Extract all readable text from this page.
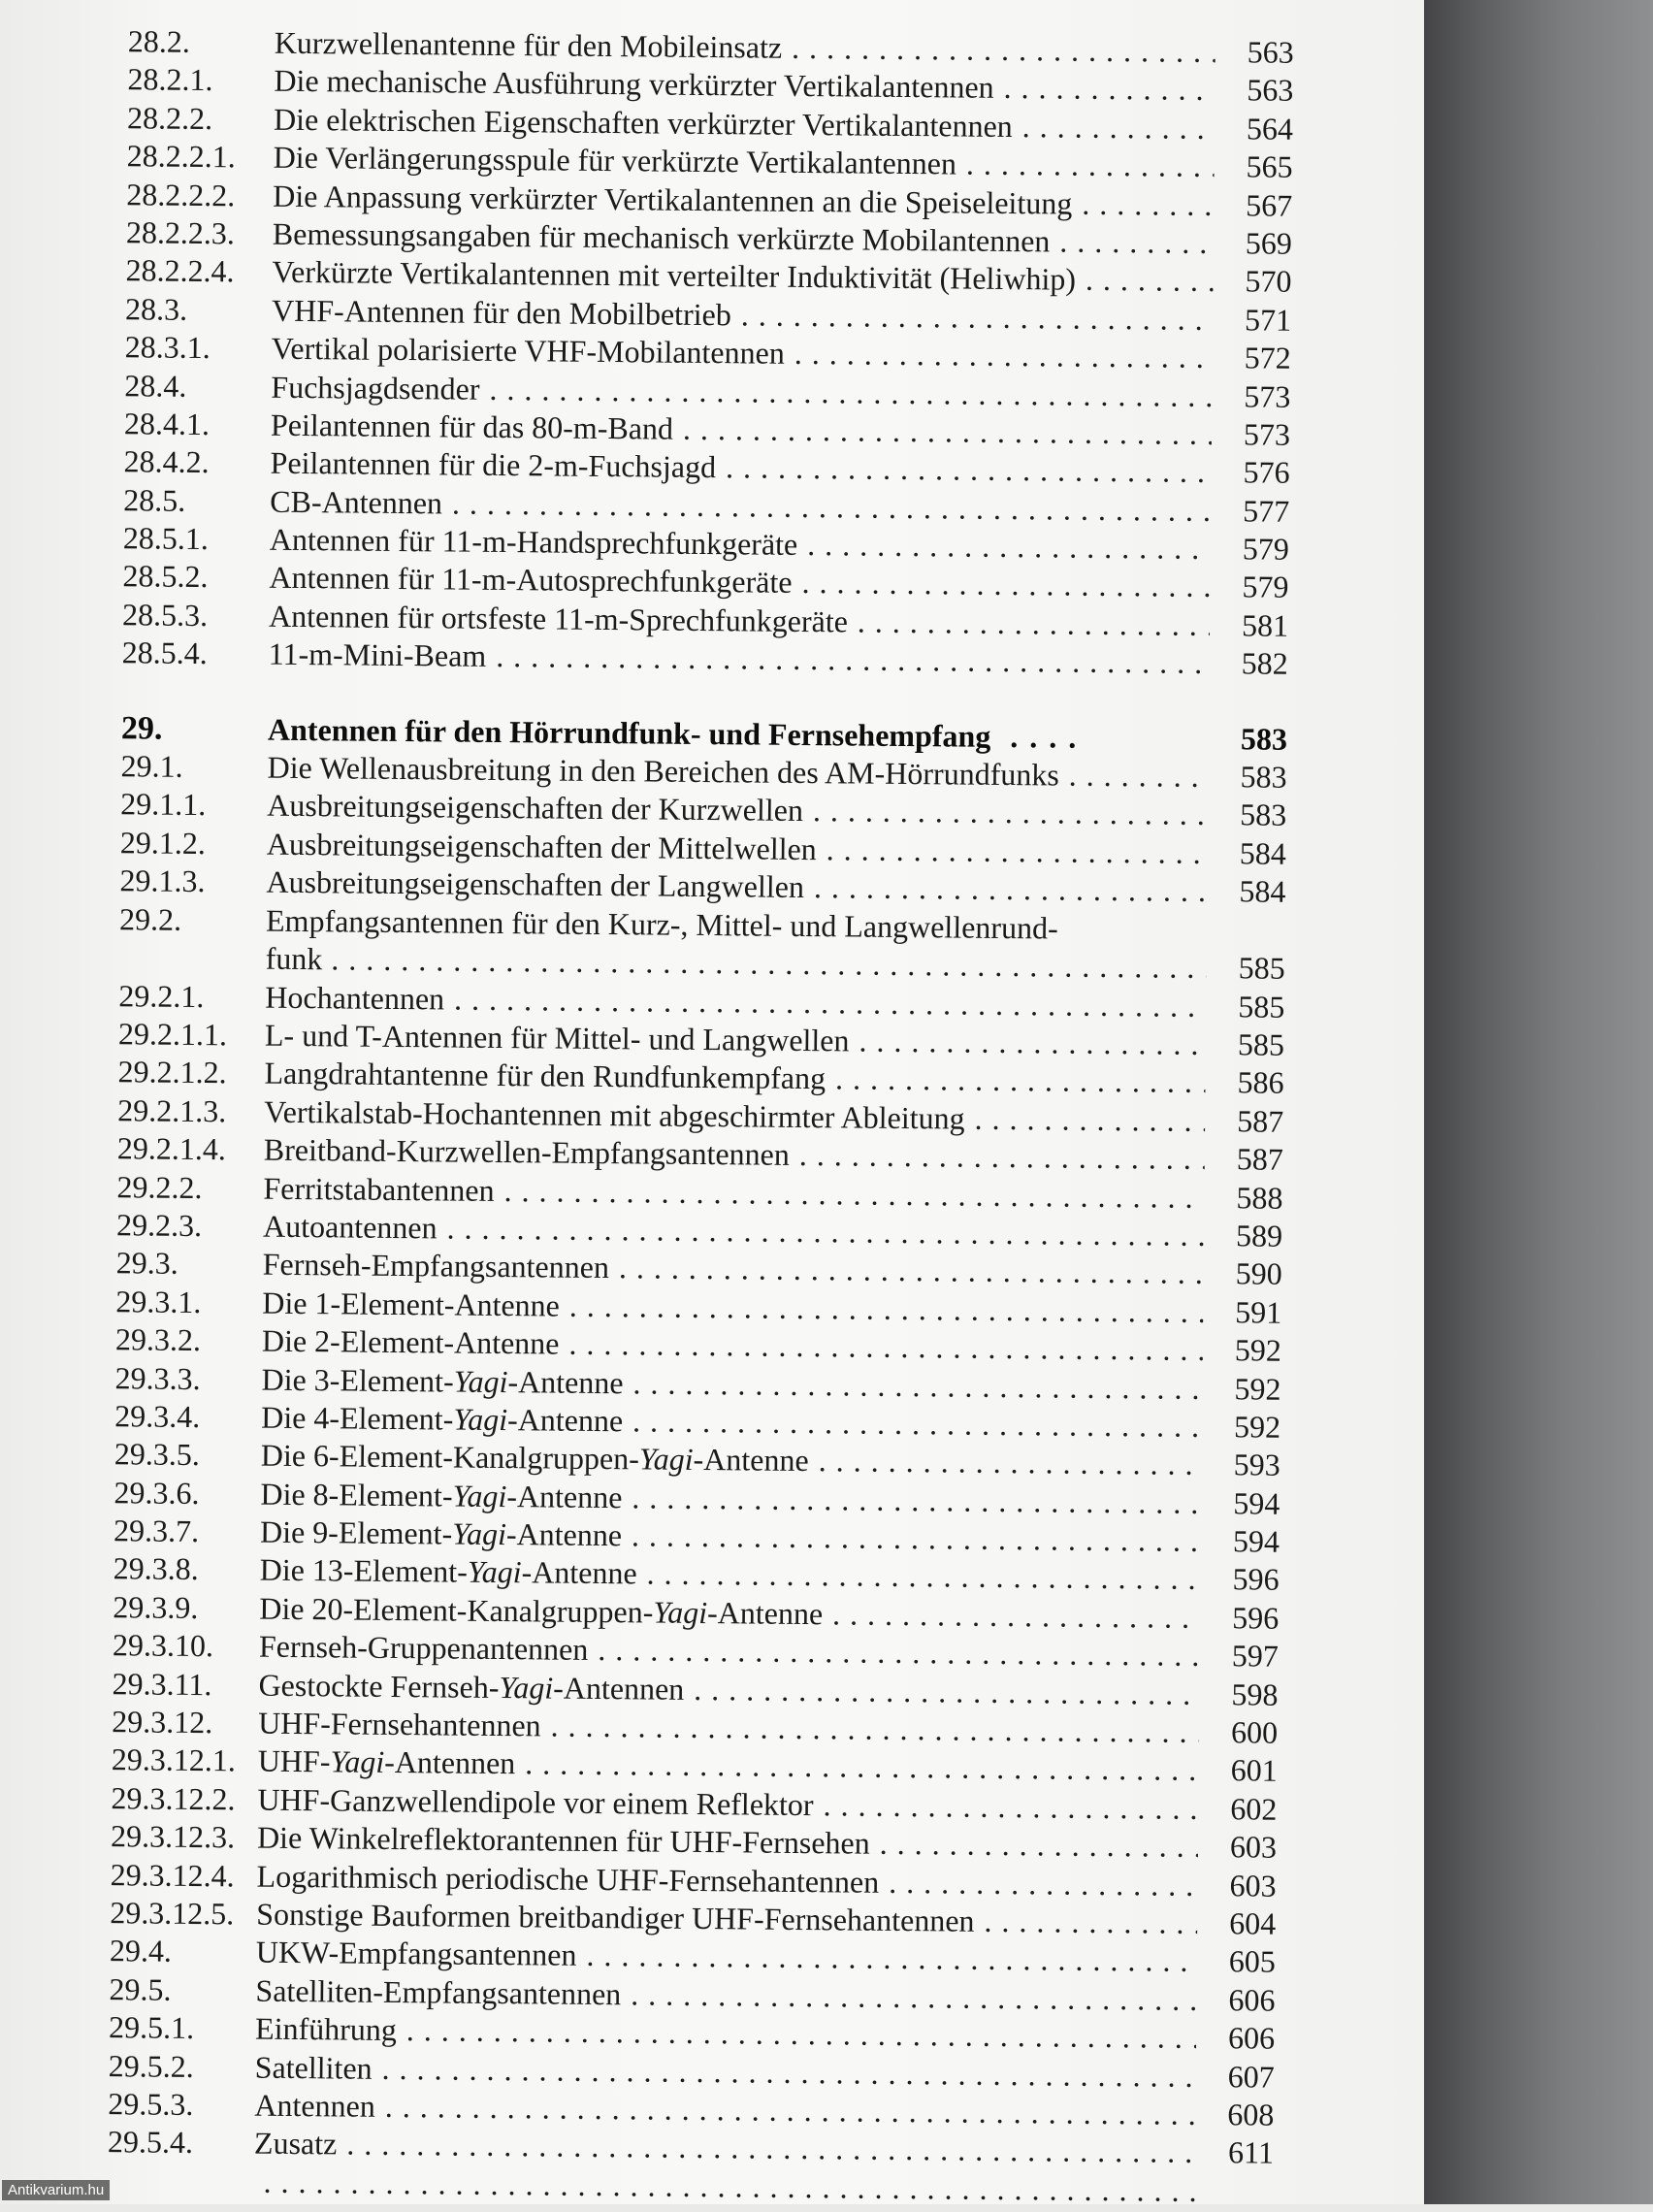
28.2.	Kurzwellenantenne für den Mobileinsatz . . .	563
28.2.1. Die mechanische Ausführung verkürzter Vertikalantennen . . .	563
28.2.2. Die elektrischen Eigenschaften verkürzter Vertikalantennen . . .	564
28.2.2.1. Die Verlängerungsspule für verkürzte Vertikalantennen . . .	565
28.2.2.2. Die Anpassung verkürzter Vertikalantennen an die Speiseleitung . . .	567
28.2.2.3. Bemessungsangaben für mechanisch verkürzte Mobilantennen . . .	569
28.2.2.4. Verkürzte Vertikalantennen mit verteilter Induktivität (Heliwhip) . . .	570
28.3.	VHF-Antennen für den Mobilbetrieb . . .	571
28.3.1. Vertikal polarisierte VHF-Mobilantennen . . .	572
28.4.	Fuchsjagdsender . . .	573
28.4.1. Peilantennen für das 80-m-Band . . .	573
28.4.2. Peilantennen für die 2-m-Fuchsjagd . . .	576
28.5.	CB-Antennen . . .	577
28.5.1. Antennen für 11-m-Handsprechfunkgeräte . . .	579
28.5.2. Antennen für 11-m-Autosprechfunkgeräte . . .	579
28.5.3. Antennen für ortsfeste 11-m-Sprechfunkgeräte . . .	581
28.5.4. 11-m-Mini-Beam . . .	582
29.	Antennen für den Hörrundfunk- und Fernsehempfang . . . .	583
29.1.	Die Wellenausbreitung in den Bereichen des AM-Hörrundfunks . . .	583
29.1.1. Ausbreitungseigenschaften der Kurzwellen . . .	583
29.1.2. Ausbreitungseigenschaften der Mittelwellen . . .	584
29.1.3. Ausbreitungseigenschaften der Langwellen . . .	584
29.2.	Empfangsantennen für den Kurz-, Mittel- und Langwellenrund-
funk . . .	585
29.2.1. Hochantennen . . .	585
29.2.1.1. L- und T-Antennen für Mittel- und Langwellen . . .	585
29.2.1.2. Langdrahtantenne für den Rundfunkempfang . . .	586
29.2.1.3. Vertikalstab-Hochantennen mit abgeschirmter Ableitung . . .	587
29.2.1.4. Breitband-Kurzwellen-Empfangsantennen . . .	587
29.2.2. Ferritstabantennen . . .	588
29.2.3. Autoantennen . . .	589
29.3.	Fernseh-Empfangsantennen . . .	590
29.3.1. Die 1-Element-Antenne . . .	591
29.3.2. Die 2-Element-Antenne . . .	592
29.3.3. Die 3-Element-Yagi-Antenne . . .	592
29.3.4. Die 4-Element-Yagi-Antenne . . .	592
29.3.5. Die 6-Element-Kanalgruppen-Yagi-Antenne . . .	593
29.3.6. Die 8-Element-Yagi-Antenne . . .	594
29.3.7. Die 9-Element-Yagi-Antenne . . .	594
29.3.8. Die 13-Element-Yagi-Antenne . . .	596
29.3.9. Die 20-Element-Kanalgruppen-Yagi-Antenne . . .	596
29.3.10. Fernseh-Gruppenantennen . . .	597
29.3.11. Gestockte Fernseh-Yagi-Antennen . . .	598
29.3.12. UHF-Fernsehantennen . . .	600
29.3.12.1. UHF-Yagi-Antennen . . .	601
29.3.12.2. UHF-Ganzwellendipole vor einem Reflektor . . .	602
29.3.12.3. Die Winkelreflektorantennen für UHF-Fernsehen . . .	603
29.3.12.4. Logarithmisch periodische UHF-Fernsehantennen . . .	603
29.3.12.5. Sonstige Bauformen breitbandiger UHF-Fernsehantennen . . .	604
29.4.	UKW-Empfangsantennen . . .	605
29.5.	Satelliten-Empfangsantennen . . .	606
29.5.1. Einführung . . .	606
29.5.2. Satelliten . . .	607
29.5.3. Antennen . . .	608
29.5.4. Zusatz . . .	611
. . .
Antikvarium.hu
